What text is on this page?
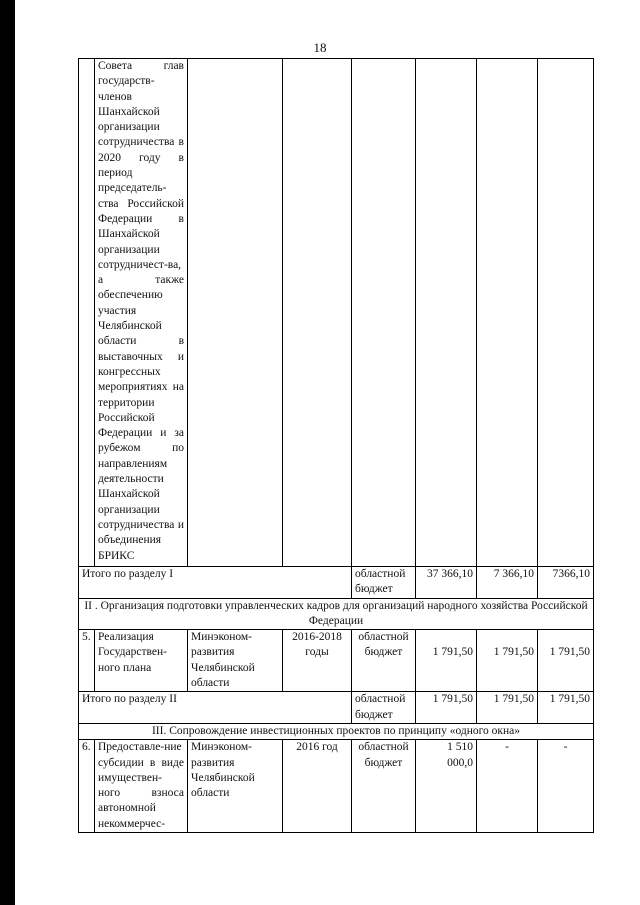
18
	Совета глав государств-членов Шанхайской организации сотрудничества в 2020 году в период председатель-ства Российской Федерации в Шанхайской организации сотрудничест-ва, а также обеспечению участия Челябинской области в выставочных и конгрессных мероприятиях на территории Российской Федерации и за рубежом по направлениям деятельности Шанхайской организации сотрудничества и объединения БРИКС						
Итого по разделу I				областной
бюджет	37 366,10	7 366,10	7366,10
II . Организация подготовки управленческих кадров для организаций народного хозяйства Российской Федерации							
5.	Реализация Государствен-ного плана	Минэконом-развития Челябинской области	2016-2018 годы	областной бюджет	1 791,50	1 791,50	1 791,50
Итого по разделу II				областной
бюджет	1 791,50	1 791,50	1 791,50
III. Сопровождение инвестиционных проектов по принципу «одного окна»							
6.	Предоставле-ние субсидии в виде имуществен-ного взноса автономной некоммерчес-	Минэконом-развития Челябинской области	2016 год	областной бюджет	1 510 000,0	-	-
